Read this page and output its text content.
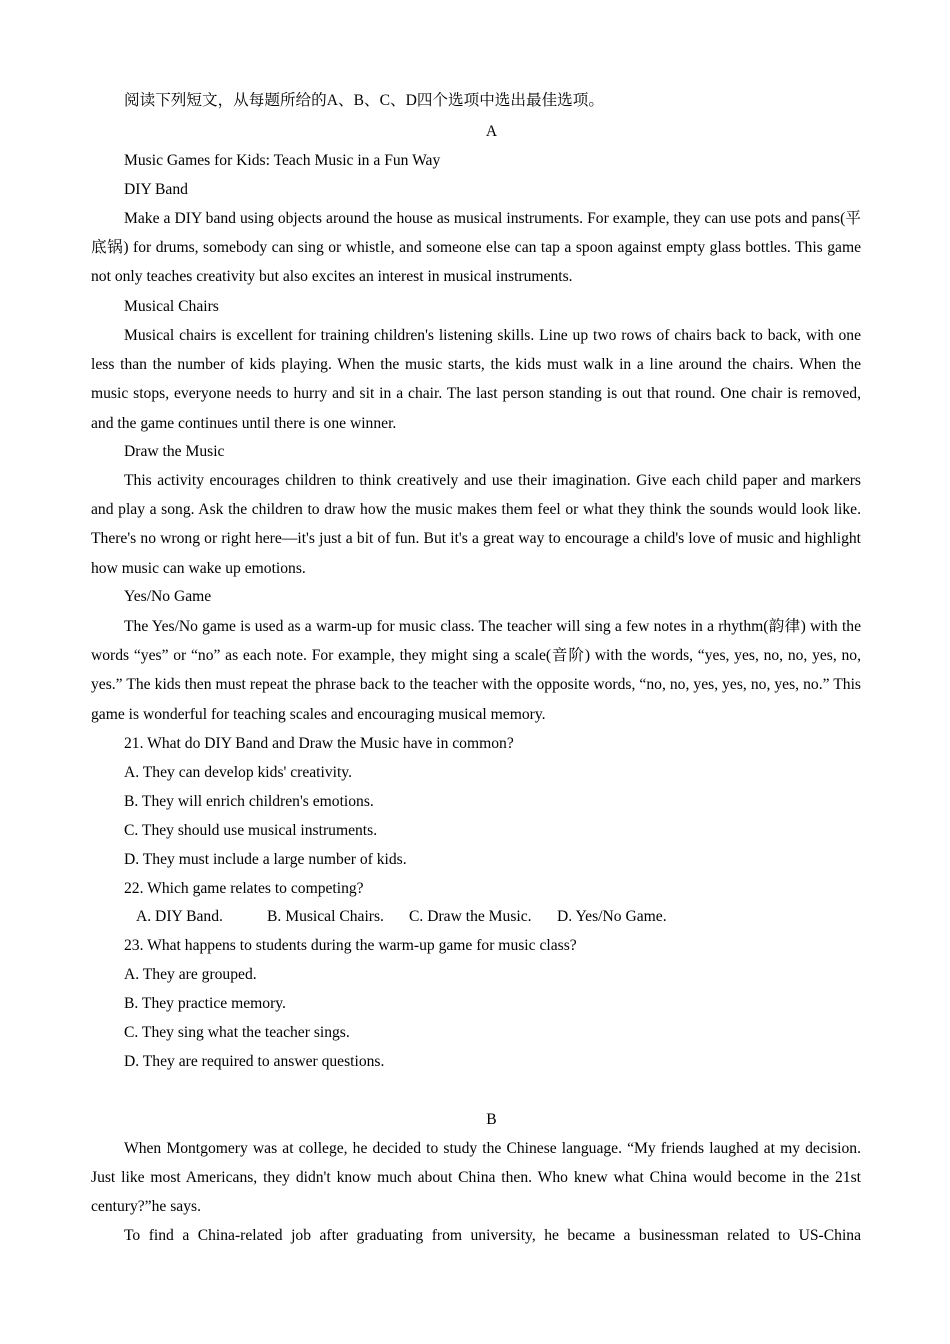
阅读下列短文，从每题所给的A、B、C、D四个选项中选出最佳选项。
A
Music Games for Kids: Teach Music in a Fun Way
DIY Band
Make a DIY band using objects around the house as musical instruments. For example, they can use pots and pans(平底锅) for drums, somebody can sing or whistle, and someone else can tap a spoon against empty glass bottles. This game not only teaches creativity but also excites an interest in musical instruments.
Musical Chairs
Musical chairs is excellent for training children's listening skills. Line up two rows of chairs back to back, with one less than the number of kids playing. When the music starts, the kids must walk in a line around the chairs. When the music stops, everyone needs to hurry and sit in a chair. The last person standing is out that round. One chair is removed, and the game continues until there is one winner.
Draw the Music
This activity encourages children to think creatively and use their imagination. Give each child paper and markers and play a song. Ask the children to draw how the music makes them feel or what they think the sounds would look like. There's no wrong or right here—it's just a bit of fun. But it's a great way to encourage a child's love of music and highlight how music can wake up emotions.
Yes/No Game
The Yes/No game is used as a warm-up for music class. The teacher will sing a few notes in a rhythm(韵律) with the words “yes” or “no” as each note. For example, they might sing a scale(音阶) with the words, “yes, yes, no, no, yes, no, yes.” The kids then must repeat the phrase back to the teacher with the opposite words, “no, no, yes, yes, no, yes, no.” This game is wonderful for teaching scales and encouraging musical memory.
21. What do DIY Band and Draw the Music have in common?
A. They can develop kids' creativity.
B. They will enrich children's emotions.
C. They should use musical instruments.
D. They must include a large number of kids.
22. Which game relates to competing?
A. DIY Band.	B. Musical Chairs. C. Draw the Music. D. Yes/No Game.
23. What happens to students during the warm-up game for music class?
A. They are grouped.
B. They practice memory.
C. They sing what the teacher sings.
D. They are required to answer questions.
B
When Montgomery was at college, he decided to study the Chinese language. “My friends laughed at my decision. Just like most Americans, they didn't know much about China then. Who knew what China would become in the 21st century?”he says.
To find a China-related job after graduating from university, he became a businessman related to US-China
